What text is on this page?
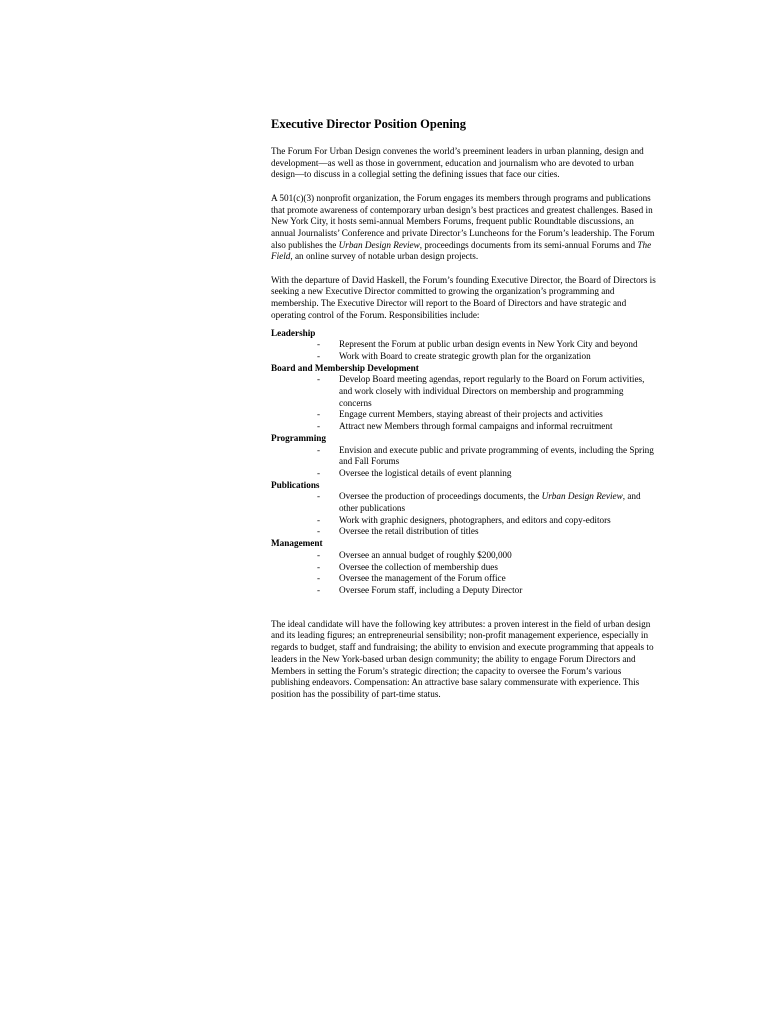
Executive Director Position Opening

The Forum For Urban Design convenes the world’s preeminent leaders in urban planning, design and development—as well as those in government, education and journalism who are devoted to urban design—to discuss in a collegial setting the defining issues that face our cities.

A 501(c)(3) nonprofit organization, the Forum engages its members through programs and publications that promote awareness of contemporary urban design’s best practices and greatest challenges. Based in New York City, it hosts semi-annual Members Forums, frequent public Roundtable discussions, an annual Journalists’ Conference and private Director’s Luncheons for the Forum’s leadership. The Forum also publishes the Urban Design Review, proceedings documents from its semi-annual Forums and The Field, an online survey of notable urban design projects.

With the departure of David Haskell, the Forum’s founding Executive Director, the Board of Directors is seeking a new Executive Director committed to growing the organization’s programming and membership. The Executive Director will report to the Board of Directors and have strategic and operating control of the Forum. Responsibilities include:

Leadership
-	Represent the Forum at public urban design events in New York City and beyond
-	Work with Board to create strategic growth plan for the organization
Board and Membership Development
-	Develop Board meeting agendas, report regularly to the Board on Forum activities, and work closely with individual Directors on membership and programming concerns
-	Engage current Members, staying abreast of their projects and activities
-	Attract new Members through formal campaigns and informal recruitment
Programming
-	Envision and execute public and private programming of events, including the Spring and Fall Forums
-	Oversee the logistical details of event planning
Publications
-	Oversee the production of proceedings documents, the Urban Design Review, and other publications
-	Work with graphic designers, photographers, and editors and copy-editors
-	Oversee the retail distribution of titles
Management
-	Oversee an annual budget of roughly $200,000
-	Oversee the collection of membership dues
-	Oversee the management of the Forum office
-	Oversee Forum staff, including a Deputy Director

The ideal candidate will have the following key attributes: a proven interest in the field of urban design and its leading figures; an entrepreneurial sensibility; non-profit management experience, especially in regards to budget, staff and fundraising; the ability to envision and execute programming that appeals to leaders in the New York-based urban design community; the ability to engage Forum Directors and Members in setting the Forum’s strategic direction; the capacity to oversee the Forum’s various publishing endeavors. Compensation: An attractive base salary commensurate with experience. This position has the possibility of part-time status.
